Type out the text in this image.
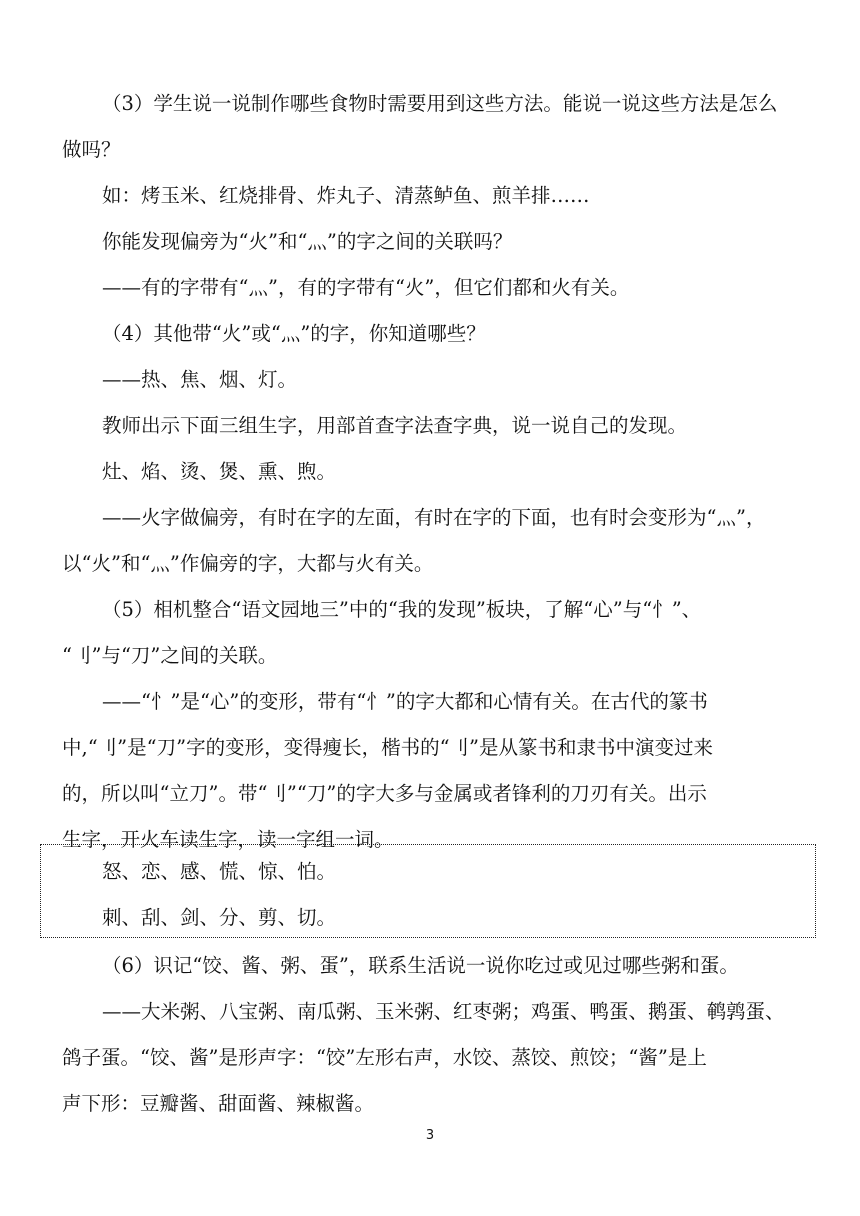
（3）学生说一说制作哪些食物时需要用到这些方法。能说一说这些方法是怎么
做吗？
如：烤玉米、红烧排骨、炸丸子、清蒸鲈鱼、煎羊排……
你能发现偏旁为“火”和“灬”的字之间的关联吗？
——有的字带有“灬”，有的字带有“火”，但它们都和火有关。
（4）其他带“火”或“灬”的字，你知道哪些？
——热、焦、烟、灯。
教师出示下面三组生字，用部首查字法查字典，说一说自己的发现。
灶、焰、烫、煲、熏、煦。
——火字做偏旁，有时在字的左面，有时在字的下面，也有时会变形为“灬”，
以“火”和“灬”作偏旁的字，大都与火有关。
（5）相机整合“语文园地三”中的“我的发现”板块，了解“心”与“忄”、
“刂”与“刀”之间的关联。
——“忄”是“心”的变形，带有“忄”的字大都和心情有关。在古代的篆书
中,“刂”是“刀”字的变形，变得瘦长，楷书的“刂”是从篆书和隶书中演变过来
的，所以叫“立刀”。带“刂”“刀”的字大多与金属或者锋利的刀刃有关。出示
生字，开火车读生字，读一字组一词。
怒、恋、感、慌、惊、怕。
刺、刮、剑、分、剪、切。
（6）识记“饺、酱、粥、蛋”，联系生活说一说你吃过或见过哪些粥和蛋。
——大米粥、八宝粥、南瓜粥、玉米粥、红枣粥；鸡蛋、鸭蛋、鹅蛋、鹌鹑蛋、
鸽子蛋。“饺、酱”是形声字：“饺”左形右声，水饺、蒸饺、煎饺；“酱”是上
声下形：豆瓣酱、甜面酱、辣椒酱。
3
